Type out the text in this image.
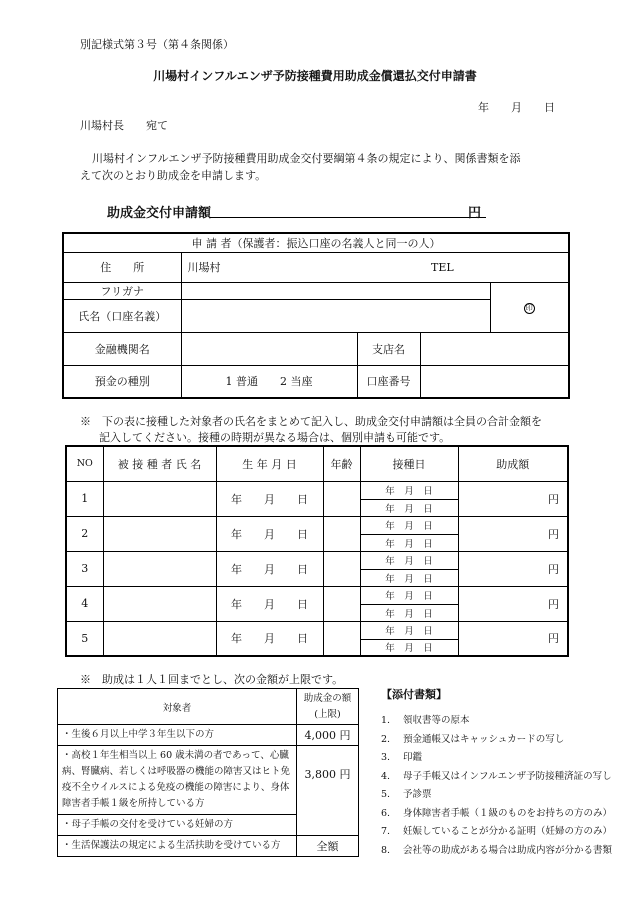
別記様式第３号（第４条関係）
川場村インフルエンザ予防接種費用助成金償還払交付申請書
年　　月　　日
川場村長　　宛て
川場村インフルエンザ予防接種費用助成金交付要綱第４条の規定により、関係書類を添
えて次のとおり助成金を申請します。
助成金交付申請額	円
申 請 者（保護者：振込口座の名義人と同一の人）				
住　　所	川場村 TEL			
フリガナ				印
氏名（口座名義）				
金融機関名		支店名		
預金の種別	1 普通　　2 当座	口座番号		
※　下の表に接種した対象者の氏名をまとめて記入し、助成金交付申請額は全員の合計金額を
記入してください。接種の時期が異なる場合は、個別申請も可能です。
NO	被 接 種 者 氏 名	生 年 月 日	年齢	接種日	助成額
1		年　　月　　日		年　月　日	円
				年　月　日	
2		年　　月　　日		年　月　日	円
				年　月　日	
3		年　　月　　日		年　月　日	円
				年　月　日	
4		年　　月　　日		年　月　日	円
				年　月　日	
5		年　　月　　日		年　月　日	円
				年　月　日	
※　助成は１人１回までとし、次の金額が上限です。
対象者	助成金の額
(上限)

・生後６月以上中学３年生以下の方	4,000 円
・高校１年生相当以上 60 歳未満の者であって、心臓病、腎臓病、若しくは呼吸器の機能の障害又はヒト免疫不全ウイルスによる免疫の機能の障害により、身体障害者手帳１級を所持している方	3,800 円
・母子手帳の交付を受けている妊婦の方	
・生活保護法の規定による生活扶助を受けている方	全額
【添付書類】
1. 領収書等の原本
2. 預金通帳又はキャッシュカードの写し
3. 印鑑
4. 母子手帳又はインフルエンザ予防接種済証の写し
5. 予診票
6. 身体障害者手帳（１級のものをお持ちの方のみ）
7. 妊娠していることが分かる証明（妊婦の方のみ）
8. 会社等の助成がある場合は助成内容が分かる書類
